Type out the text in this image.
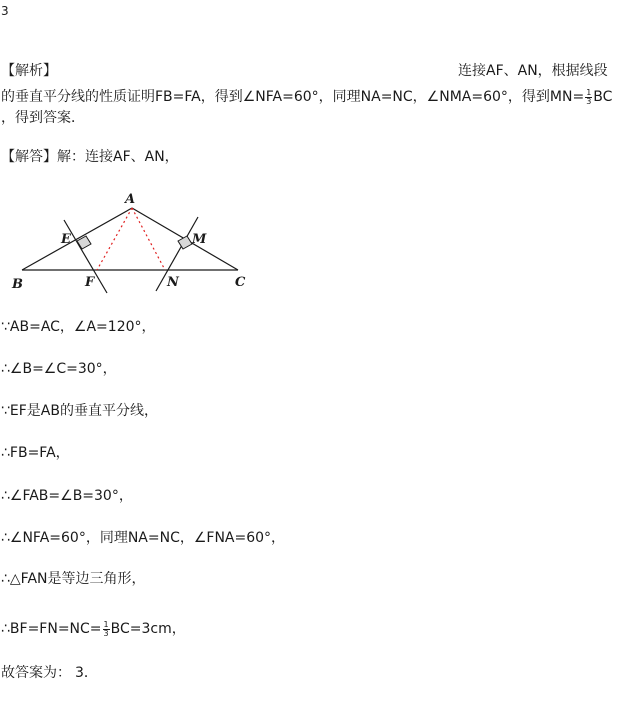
3
【解析】	连接AF、AN，根据线段
的垂直平分线的性质证明FB=FA，得到∠NFA=60°，同理NA=NC，∠NMA=60°，得到$MN= \frac{1}{3}$ BC
，得到答案．
【解答】解：连接AF、AN，
A
E	M
B	F	N	C
∵AB=AC，∠A=120°，
∴∠B=∠C=30°，
∵EF是AB的垂直平分线，
∴FB=FA，
∴∠FAB=∠B=30°，
∴∠NFA=60°，同理NA=NC，∠FNA=60°，
∴△FAN是等边三角形，
∴BF=FN=NC= $\frac{1}{3} BC=3cm$，
故答案为： 3．
